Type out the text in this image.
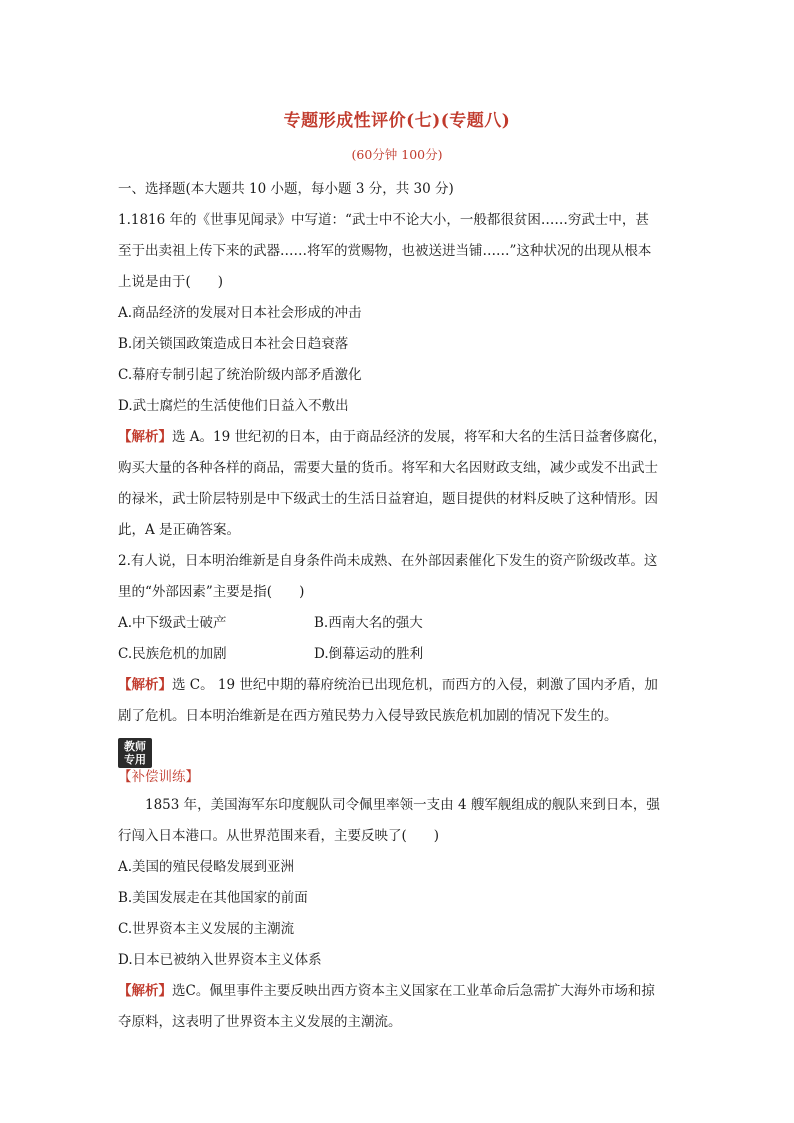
专题形成性评价(七)(专题八)
(60分钟 100分)
一、选择题(本大题共 10 小题，每小题 3 分，共 30 分)
1.1816 年的《世事见闻录》中写道：“武士中不论大小，一般都很贫困……穷武士中，甚
至于出卖祖上传下来的武器……将军的赏赐物，也被送进当铺……”这种状况的出现从根本
上说是由于(　　)
A.商品经济的发展对日本社会形成的冲击
B.闭关锁国政策造成日本社会日趋衰落
C.幕府专制引起了统治阶级内部矛盾激化
D.武士腐烂的生活使他们日益入不敷出
【解析】选 A。19 世纪初的日本，由于商品经济的发展，将军和大名的生活日益奢侈腐化，
购买大量的各种各样的商品，需要大量的货币。将军和大名因财政支绌，减少或发不出武士
的禄米，武士阶层特别是中下级武士的生活日益窘迫，题目提供的材料反映了这种情形。因
此，A 是正确答案。
2.有人说，日本明治维新是自身条件尚未成熟、在外部因素催化下发生的资产阶级改革。这
里的“外部因素”主要是指(　　)
A.中下级武士破产	B.西南大名的强大
C.民族危机的加剧	D.倒幕运动的胜利
【解析】选 C。 19 世纪中期的幕府统治已出现危机，而西方的入侵，刺激了国内矛盾，加
剧了危机。日本明治维新是在西方殖民势力入侵导致民族危机加剧的情况下发生的。
教师
专用
【补偿训练】
1853 年，美国海军东印度舰队司令佩里率领一支由 4 艘军舰组成的舰队来到日本，强
行闯入日本港口。从世界范围来看，主要反映了(　　)
A.美国的殖民侵略发展到亚洲
B.美国发展走在其他国家的前面
C.世界资本主义发展的主潮流
D.日本已被纳入世界资本主义体系
【解析】选C。佩里事件主要反映出西方资本主义国家在工业革命后急需扩大海外市场和掠
夺原料，这表明了世界资本主义发展的主潮流。
